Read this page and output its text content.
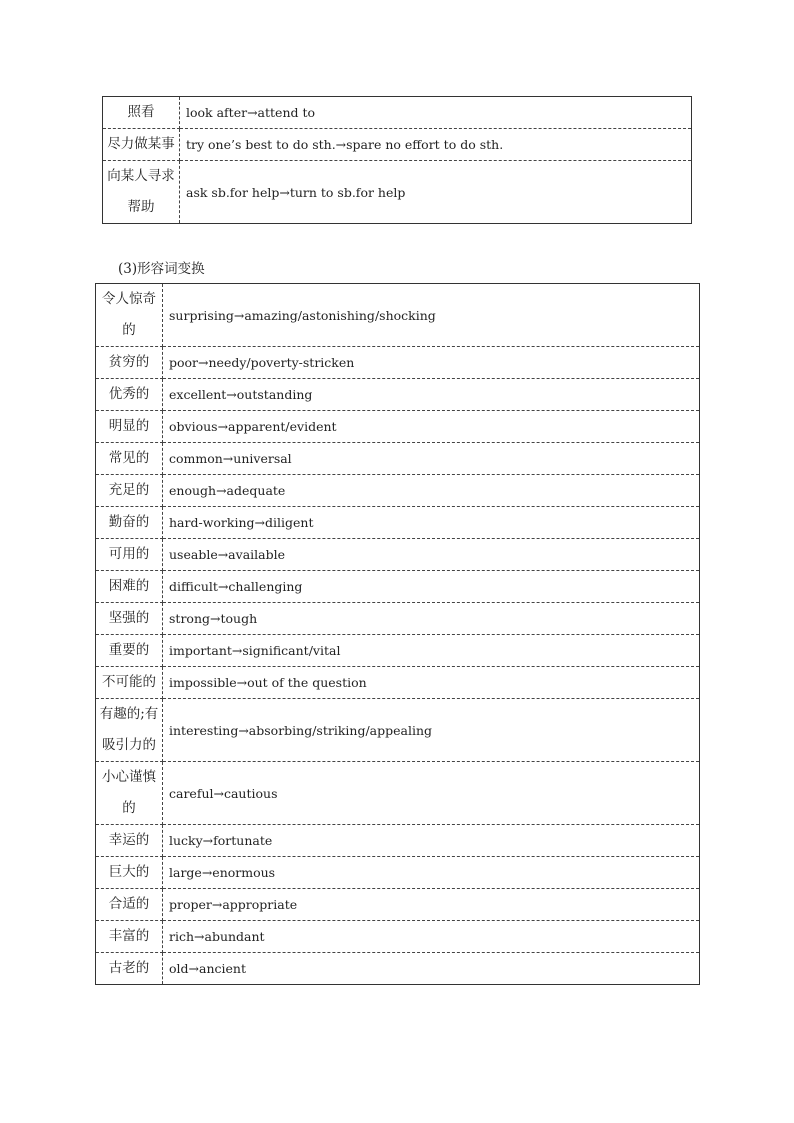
照看	look after→attend to
尽力做某事	try one’s best to do sth.→spare no effort to do sth.
向某人寻求帮助	ask sb.for help→turn to sb.for help
(3)形容词变换
令人惊奇的	surprising→amazing/astonishing/shocking
贫穷的	poor→needy/poverty-stricken
优秀的	excellent→outstanding
明显的	obvious→apparent/evident
常见的	common→universal
充足的	enough→adequate
勤奋的	hard-working→diligent
可用的	useable→available
困难的	difficult→challenging
坚强的	strong→tough
重要的	important→significant/vital
不可能的	impossible→out of the question
有趣的;有吸引力的	interesting→absorbing/striking/appealing
小心谨慎的	careful→cautious
幸运的	lucky→fortunate
巨大的	large→enormous
合适的	proper→appropriate
丰富的	rich→abundant
古老的	old→ancient
